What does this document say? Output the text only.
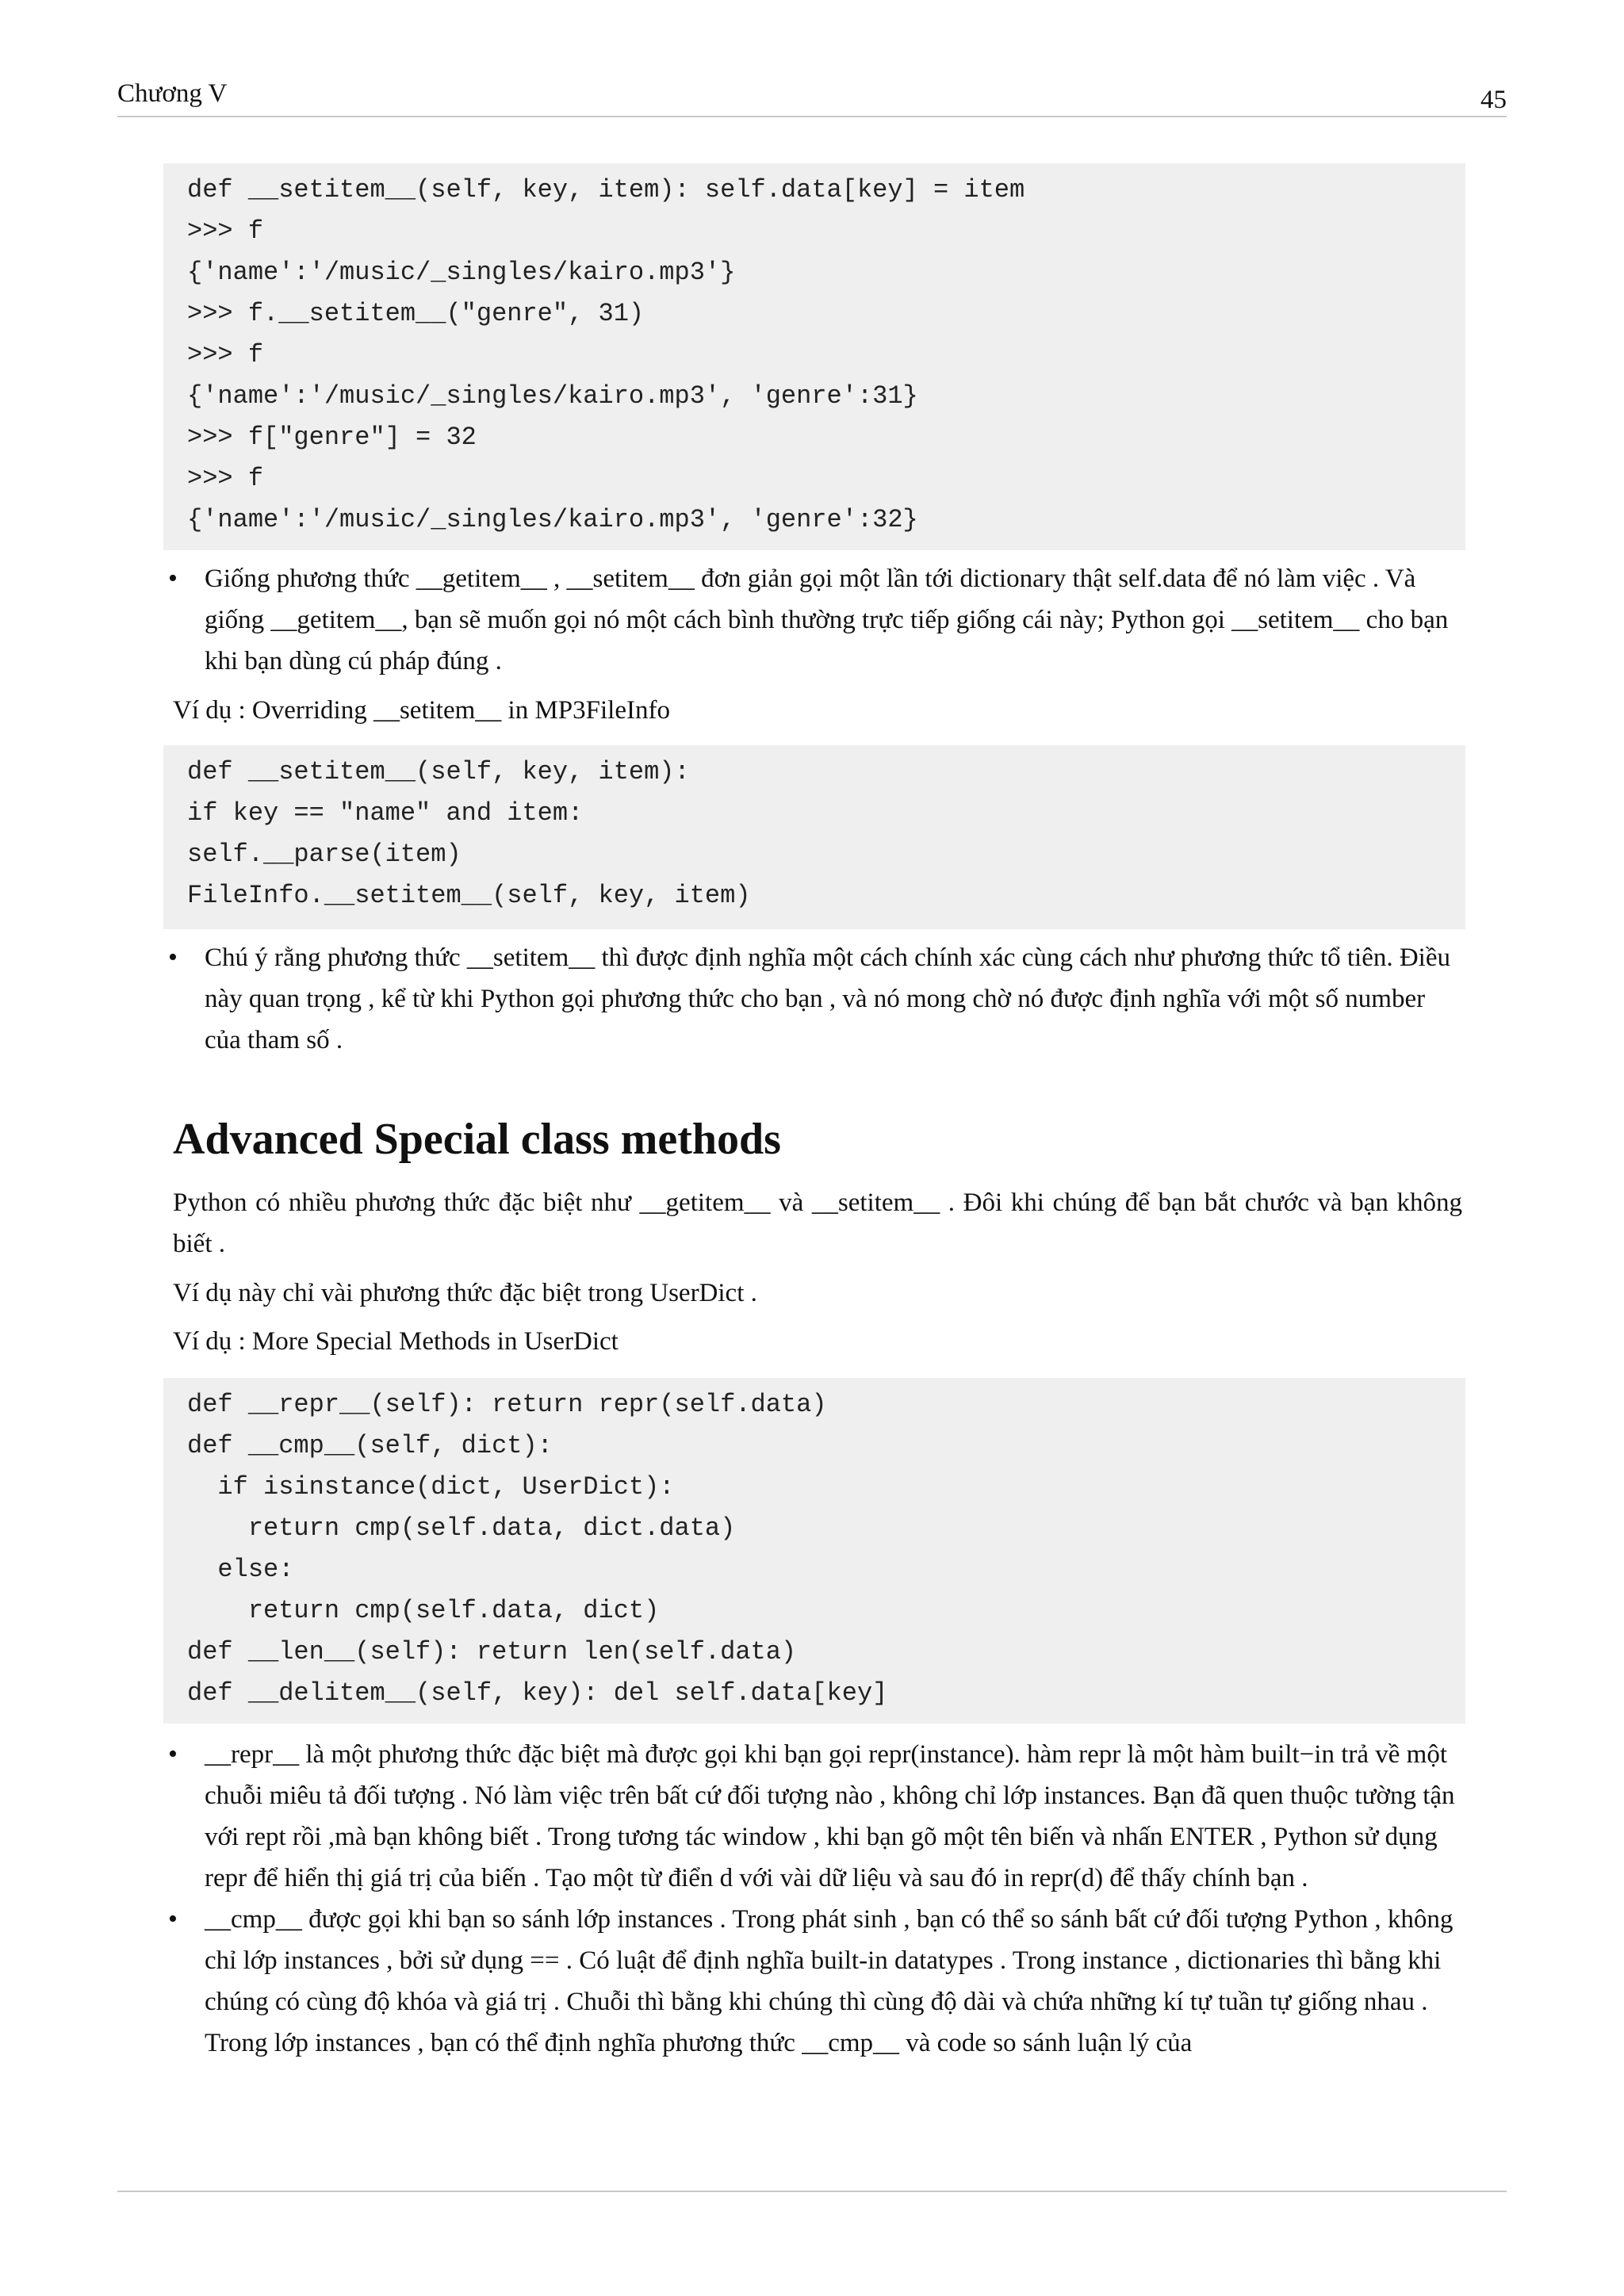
Chương V	45
def __setitem__(self, key, item): self.data[key] = item
>>> f
{'name':'/music/_singles/kairo.mp3'}
>>> f.__setitem__("genre", 31)
>>> f
{'name':'/music/_singles/kairo.mp3', 'genre':31}
>>> f["genre"] = 32
>>> f
{'name':'/music/_singles/kairo.mp3', 'genre':32}
• Giống phương thức __getitem__ , __setitem__ đơn giản gọi một lần tới dictionary thật self.data để nó làm việc . Và giống __getitem__, bạn sẽ muốn gọi nó một cách bình thường trực tiếp giống cái này; Python gọi __setitem__ cho bạn khi bạn dùng cú pháp đúng .

Ví dụ : Overriding __setitem__ in MP3FileInfo

def __setitem__(self, key, item):
if key == "name" and item:
self.__parse(item)
FileInfo.__setitem__(self, key, item)
• Chú ý rằng phương thức __setitem__ thì được định nghĩa một cách chính xác cùng cách như phương thức tổ tiên. Điều này quan trọng , kể từ khi Python gọi phương thức cho bạn , và nó mong chờ nó được định nghĩa với một số number của tham số .
Advanced Special class methods

Python có nhiều phương thức đặc biệt như __getitem__ và __setitem__ . Đôi khi chúng để bạn bắt chước và bạn không biết .

Ví dụ này chỉ vài phương thức đặc biệt trong UserDict .

Ví dụ : More Special Methods in UserDict

def __repr__(self): return repr(self.data)
def __cmp__(self, dict):
if isinstance(dict, UserDict):
return cmp(self.data, dict.data)
else:
return cmp(self.data, dict)
def __len__(self): return len(self.data)
def __delitem__(self, key): del self.data[key]
• __repr__ là một phương thức đặc biệt mà được gọi khi bạn gọi repr(instance). hàm repr là một hàm built−in trả về một chuỗi miêu tả đối tượng . Nó làm việc trên bất cứ đối tượng nào , không chỉ lớp instances. Bạn đã quen thuộc tường tận với rept rồi ,mà bạn không biết . Trong tương tác window , khi bạn gõ một tên biến và nhấn ENTER , Python sử dụng repr để hiển thị giá trị của biến . Tạo một từ điển d với vài dữ liệu và sau đó in repr(d) để thấy chính bạn .
• __cmp__ được gọi khi bạn so sánh lớp instances . Trong phát sinh , bạn có thể so sánh bất cứ đối tượng Python , không chỉ lớp instances , bởi sử dụng == . Có luật để định nghĩa built-in datatypes . Trong instance , dictionaries thì bằng khi chúng có cùng độ khóa và giá trị . Chuỗi thì bằng khi chúng thì cùng độ dài và chứa những kí tự tuần tự giống nhau . Trong lớp instances , bạn có thể định nghĩa phương thức __cmp__ và code so sánh luận lý của
